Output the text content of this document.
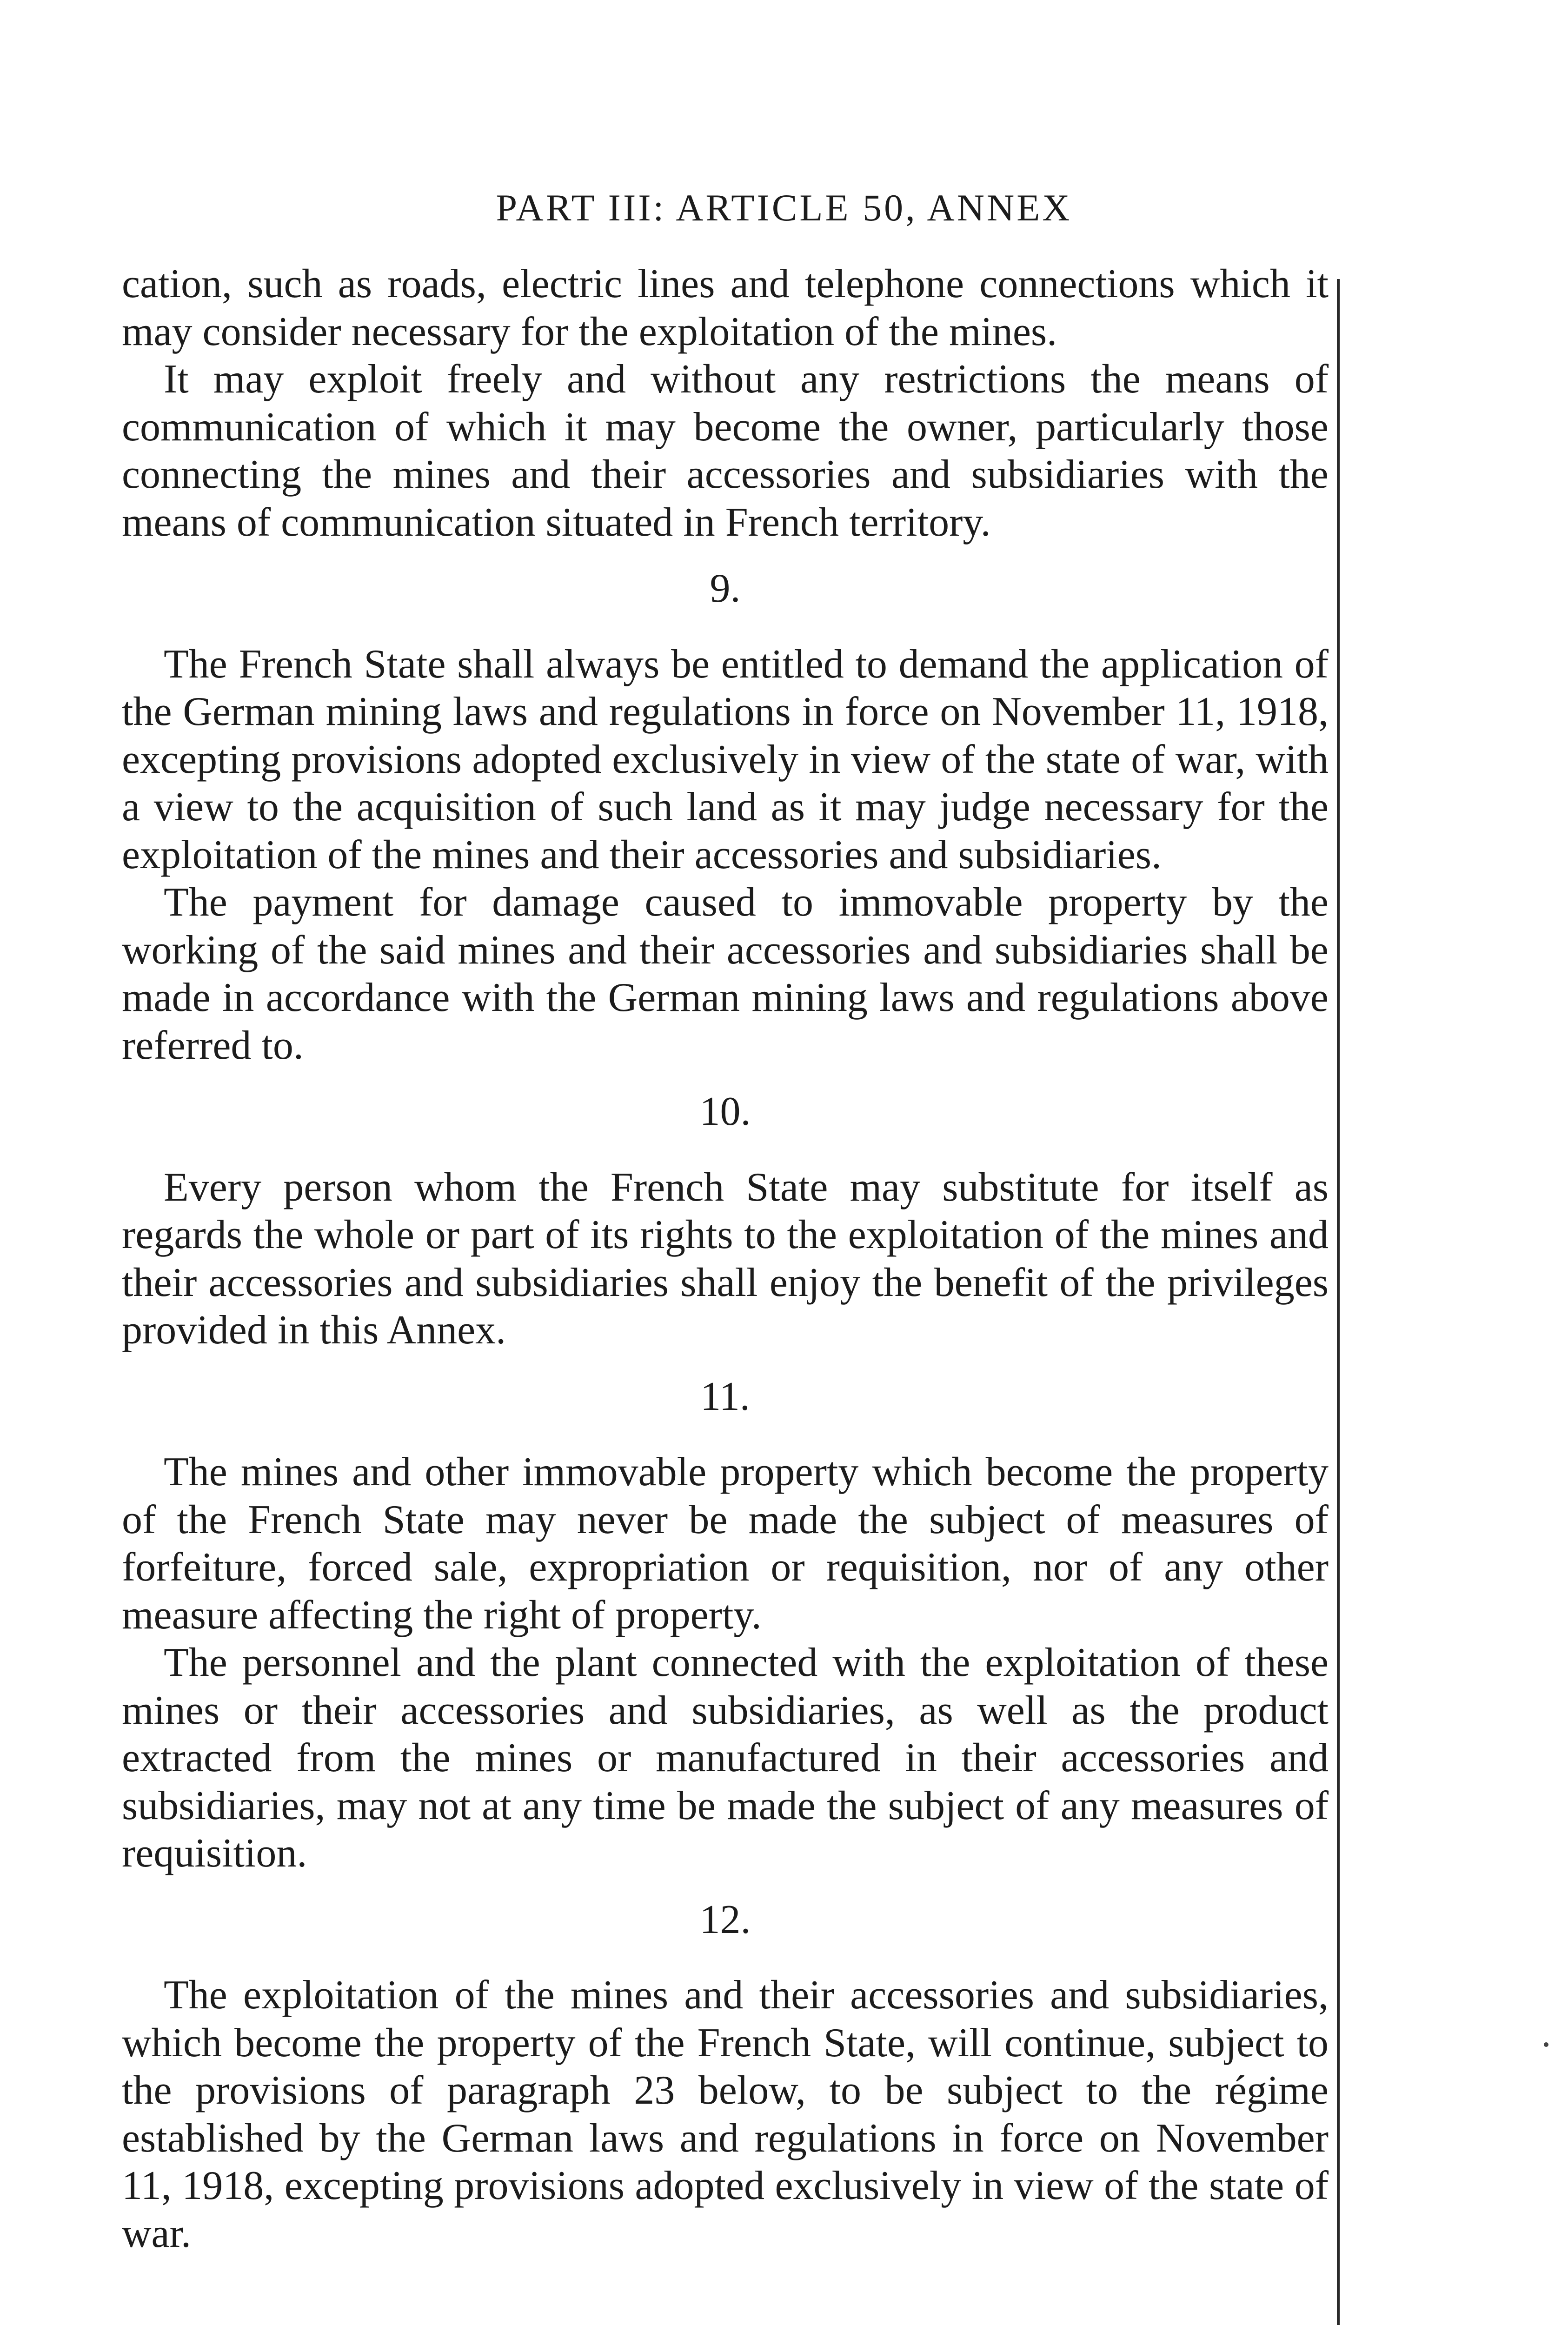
PART III: ARTICLE 50, ANNEX

cation, such as roads, electric lines and telephone connections which it may consider necessary for the exploitation of the mines.

It may exploit freely and without any restrictions the means of communication of which it may become the owner, particularly those connecting the mines and their accessories and subsidiaries with the means of communication situated in French territory.

9.

The French State shall always be entitled to demand the application of the German mining laws and regulations in force on November 11, 1918, excepting provisions adopted exclusively in view of the state of war, with a view to the acquisition of such land as it may judge necessary for the exploitation of the mines and their accessories and subsidiaries.

The payment for damage caused to immovable property by the working of the said mines and their accessories and subsidiaries shall be made in accordance with the German mining laws and regulations above referred to.

10.

Every person whom the French State may substitute for itself as regards the whole or part of its rights to the exploitation of the mines and their accessories and subsidiaries shall enjoy the benefit of the privileges provided in this Annex.

11.

The mines and other immovable property which become the property of the French State may never be made the subject of measures of forfeiture, forced sale, expropriation or requisition, nor of any other measure affecting the right of property.

The personnel and the plant connected with the exploitation of these mines or their accessories and subsidiaries, as well as the product extracted from the mines or manufactured in their accessories and subsidiaries, may not at any time be made the subject of any measures of requisition.

12.

The exploitation of the mines and their accessories and subsidiaries, which become the property of the French State, will continue, subject to the provisions of paragraph 23 below, to be subject to the régime established by the German laws and regulations in force on November 11, 1918, excepting provisions adopted exclusively in view of the state of war.
